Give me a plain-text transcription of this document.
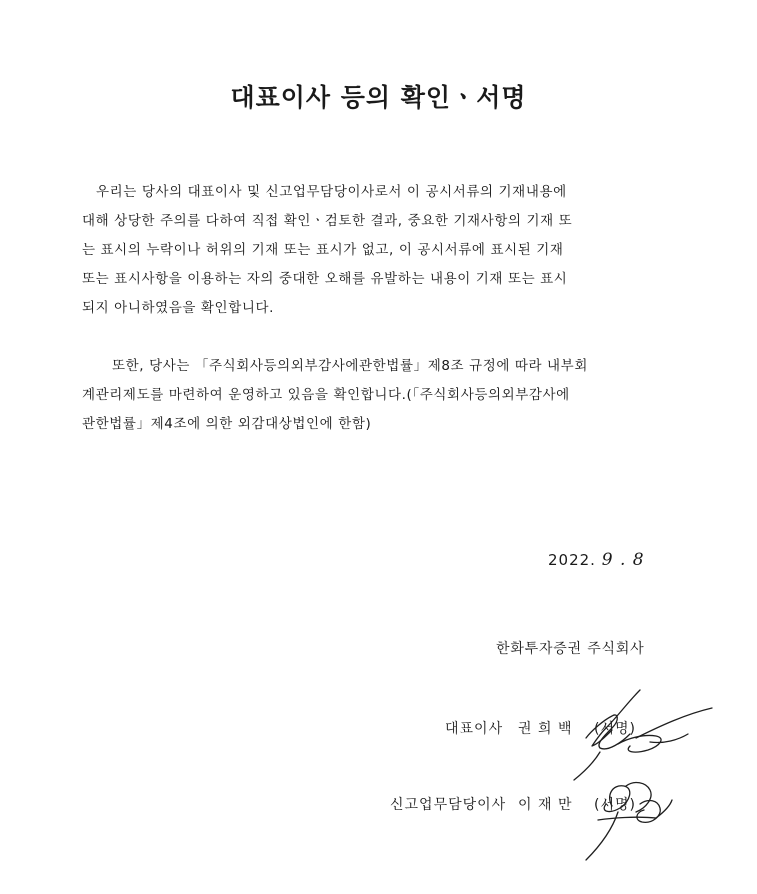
대표이사 등의 확인ㆍ서명

우리는 당사의 대표이사 및 신고업무담당이사로서 이 공시서류의 기재내용에
대해 상당한 주의를 다하여 직접 확인ㆍ검토한 결과, 중요한 기재사항의 기재 또
는 표시의 누락이나 허위의 기재 또는 표시가 없고, 이 공시서류에 표시된 기재
또는 표시사항을 이용하는 자의 중대한 오해를 유발하는 내용이 기재 또는 표시
되지 아니하였음을 확인합니다.

또한, 당사는 「주식회사등의외부감사에관한법률」제8조 규정에 따라 내부회
계관리제도를 마련하여 운영하고 있음을 확인합니다.(「주식회사등의외부감사에
관한법률」제4조에 의한 외감대상법인에 한함)

2022. 9 . 8
한화투자증권 주식회사
대표이사 권 희 백 (서명)
신고업무담당이사 이 재 만 (서명)
